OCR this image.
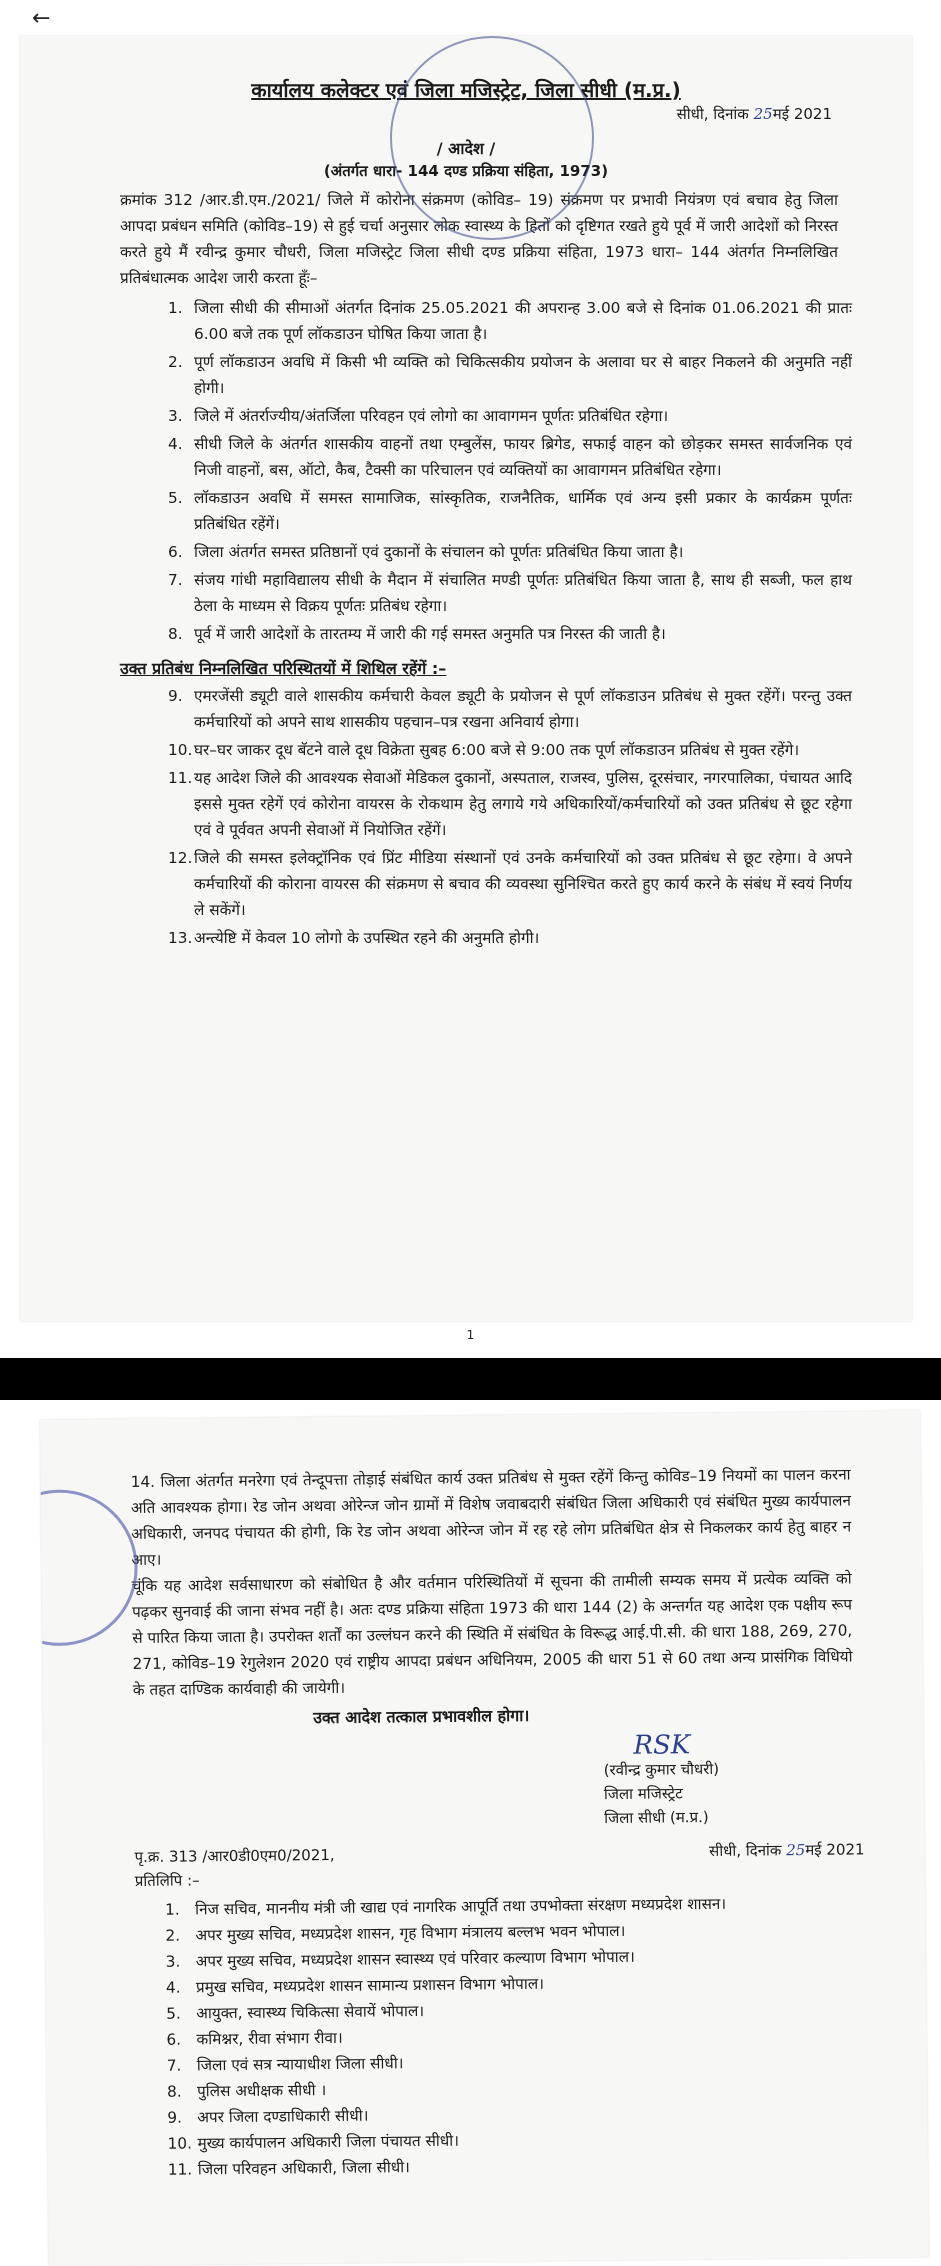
←
कार्यालय कलेक्टर एवं जिला मजिस्ट्रेट, जिला सीधी (म.प्र.)
सीधी, दिनांक 25मई 2021
/ आदेश /
(अंतर्गत धारा- 144 दण्ड प्रक्रिया संहिता, 1973)
क्रमांक 312 /आर.डी.एम./2021/ जिले में कोरोना संक्रमण (कोविड– 19) संक्रमण पर प्रभावी नियंत्रण एवं बचाव हेतु जिला आपदा प्रबंधन समिति (कोविड–19) से हुई चर्चा अनुसार लोक स्वास्थ्य के हितों को दृष्टिगत रखते हुये पूर्व में जारी आदेशों को निरस्त करते हुये मैं रवीन्द्र कुमार चौधरी, जिला मजिस्ट्रेट जिला सीधी दण्ड प्रक्रिया संहिता, 1973 धारा– 144 अंतर्गत निम्नलिखित प्रतिबंधात्मक आदेश जारी करता हूँः–
1. जिला सीधी की सीमाओं अंतर्गत दिनांक 25.05.2021 की अपरान्ह 3.00 बजे से दिनांक 01.06.2021 की प्रातः 6.00 बजे तक पूर्ण लॉकडाउन घोषित किया जाता है।
2. पूर्ण लॉकडाउन अवधि में किसी भी व्यक्ति को चिकित्सकीय प्रयोजन के अलावा घर से बाहर निकलने की अनुमति नहीं होगी।
3. जिले में अंतर्राज्यीय/अंतर्जिला परिवहन एवं लोगो का आवागमन पूर्णतः प्रतिबंधित रहेगा।
4. सीधी जिले के अंतर्गत शासकीय वाहनों तथा एम्बुलेंस, फायर ब्रिगेड, सफाई वाहन को छोड़कर समस्त सार्वजनिक एवं निजी वाहनों, बस, ऑटो, कैब, टैक्सी का परिचालन एवं व्यक्तियों का आवागमन प्रतिबंधित रहेगा।
5. लॉकडाउन अवधि में समस्त सामाजिक, सांस्कृतिक, राजनैतिक, धार्मिक एवं अन्य इसी प्रकार के कार्यक्रम पूर्णतः प्रतिबंधित रहेंगें।
6. जिला अंतर्गत समस्त प्रतिष्ठानों एवं दुकानों के संचालन को पूर्णतः प्रतिबंधित किया जाता है।
7. संजय गांधी महाविद्यालय सीधी के मैदान में संचालित मण्डी पूर्णतः प्रतिबंधित किया जाता है, साथ ही सब्जी, फल हाथ ठेला के माध्यम से विक्रय पूर्णतः प्रतिबंध रहेगा।
8. पूर्व में जारी आदेशों के तारतम्य में जारी की गई समस्त अनुमति पत्र निरस्त की जाती है।
उक्त प्रतिबंध निम्नलिखित परिस्थितयों में शिथिल रहेंगें :–
9. एमरजेंसी ड्यूटी वाले शासकीय कर्मचारी केवल ड्यूटी के प्रयोजन से पूर्ण लॉकडाउन प्रतिबंध से मुक्त रहेंगें। परन्तु उक्त कर्मचारियों को अपने साथ शासकीय पहचान–पत्र रखना अनिवार्य होगा।
10. घर–घर जाकर दूध बॅटने वाले दूध विक्रेता सुबह 6:00 बजे से 9:00 तक पूर्ण लॉकडाउन प्रतिबंध से मुक्त रहेंगे।
11. यह आदेश जिले की आवश्यक सेवाओं मेडिकल दुकानों, अस्पताल, राजस्व, पुलिस, दूरसंचार, नगरपालिका, पंचायत आदि इससे मुक्त रहेगें एवं कोरोना वायरस के रोकथाम हेतु लगाये गये अधिकारियों/कर्मचारियों को उक्त प्रतिबंध से छूट रहेगा एवं वे पूर्ववत अपनी सेवाओं में नियोजित रहेंगें।
12. जिले की समस्त इलेक्ट्रॉनिक एवं प्रिंट मीडिया संस्थानों एवं उनके कर्मचारियों को उक्त प्रतिबंध से छूट रहेगा। वे अपने कर्मचारियों की कोराना वायरस की संक्रमण से बचाव की व्यवस्था सुनिश्चित करते हुए कार्य करने के संबंध में स्वयं निर्णय ले सकेंगें।
13. अन्त्येष्टि में केवल 10 लोगो के उपस्थित रहने की अनुमति होगी।
1
14. जिला अंतर्गत मनरेगा एवं तेन्दूपत्ता तोड़ाई संबंधित कार्य उक्त प्रतिबंध से मुक्त रहेंगें किन्तु कोविड–19 नियमों का पालन करना अति आवश्यक होगा। रेड जोन अथवा ओरेन्ज जोन ग्रामों में विशेष जवाबदारी संबंधित जिला अधिकारी एवं संबंधित मुख्य कार्यपालन अधिकारी, जनपद पंचायत की होगी, कि रेड जोन अथवा ओरेन्ज जोन में रह रहे लोग प्रतिबंधित क्षेत्र से निकलकर कार्य हेतु बाहर न आए।
चूंकि यह आदेश सर्वसाधारण को संबोधित है और वर्तमान परिस्थितियों में सूचना की तामीली सम्यक समय में प्रत्येक व्यक्ति को पढ़कर सुनवाई की जाना संभव नहीं है। अतः दण्ड प्रक्रिया संहिता 1973 की धारा 144 (2) के अन्तर्गत यह आदेश एक पक्षीय रूप से पारित किया जाता है। उपरोक्त शर्तों का उल्लंघन करने की स्थिति में संबंधित के विरूद्ध आई.पी.सी. की धारा 188, 269, 270, 271, कोविड–19 रेगुलेशन 2020 एवं राष्ट्रीय आपदा प्रबंधन अधिनियम, 2005 की धारा 51 से 60 तथा अन्य प्रासंगिक विधियो के तहत दाण्डिक कार्यवाही की जायेगी।
उक्त आदेश तत्काल प्रभावशील होगा।
RSK
(रवीन्द्र कुमार चौधरी)
जिला मजिस्ट्रेट
जिला सीधी (म.प्र.)
पृ.क्र. 313 /आर0डी0एम0/2021,	सीधी, दिनांक 25मई 2021
प्रतिलिपि :–
1. निज सचिव, माननीय मंत्री जी खाद्य एवं नागरिक आपूर्ति तथा उपभोक्ता संरक्षण मध्यप्रदेश शासन।
2. अपर मुख्य सचिव, मध्यप्रदेश शासन, गृह विभाग मंत्रालय बल्लभ भवन भोपाल।
3. अपर मुख्य सचिव, मध्यप्रदेश शासन स्वास्थ्य एवं परिवार कल्याण विभाग भोपाल।
4. प्रमुख सचिव, मध्यप्रदेश शासन सामान्य प्रशासन विभाग भोपाल।
5. आयुक्त, स्वास्थ्य चिकित्सा सेवायें भोपाल।
6. कमिश्नर, रीवा संभाग रीवा।
7. जिला एवं सत्र न्यायाधीश जिला सीधी।
8. पुलिस अधीक्षक सीधी ।
9. अपर जिला दण्डाधिकारी सीधी।
10. मुख्य कार्यपालन अधिकारी जिला पंचायत सीधी।
11. जिला परिवहन अधिकारी, जिला सीधी।
